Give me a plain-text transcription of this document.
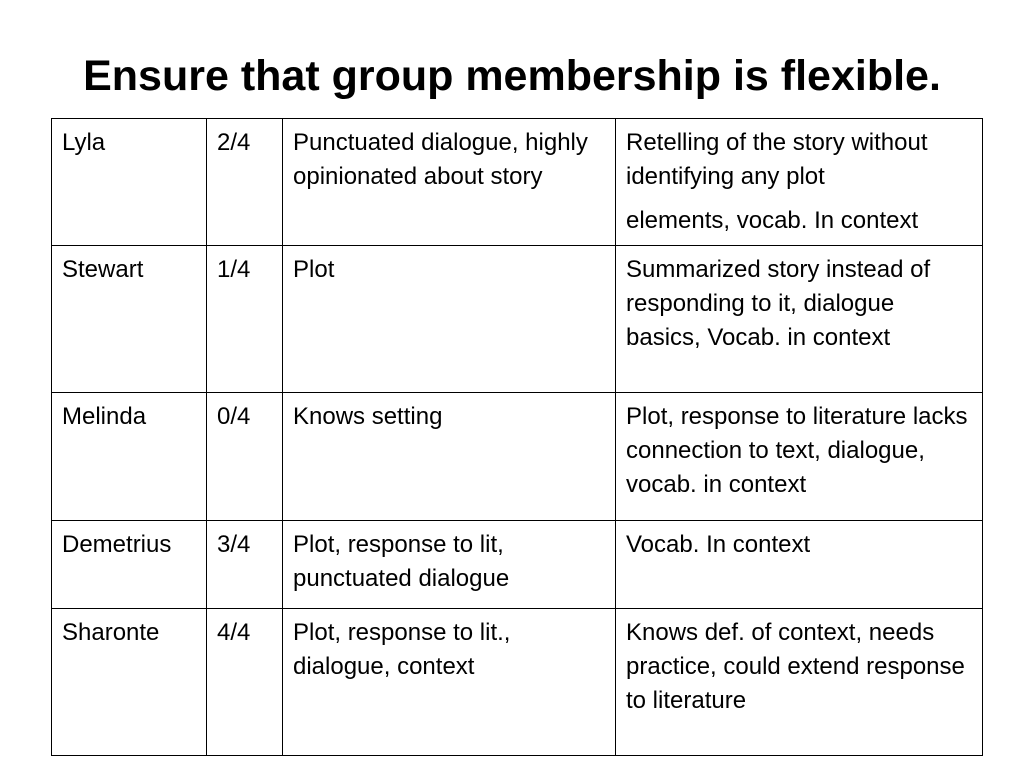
Ensure that group membership is flexible.
Lyla	2/4	Punctuated dialogue, highly opinionated about story	Retelling of the story without identifying any plot
elements, vocab. In context

Stewart	1/4	Plot	Summarized story instead of responding to it, dialogue basics, Vocab. in context
Melinda	0/4	Knows setting	Plot, response to literature lacks connection to text, dialogue, vocab. in context
Demetrius	3/4	Plot, response to lit, punctuated dialogue	Vocab. In context
Sharonte	4/4	Plot, response to lit., dialogue, context	Knows def. of context, needs practice, could extend response to literature
